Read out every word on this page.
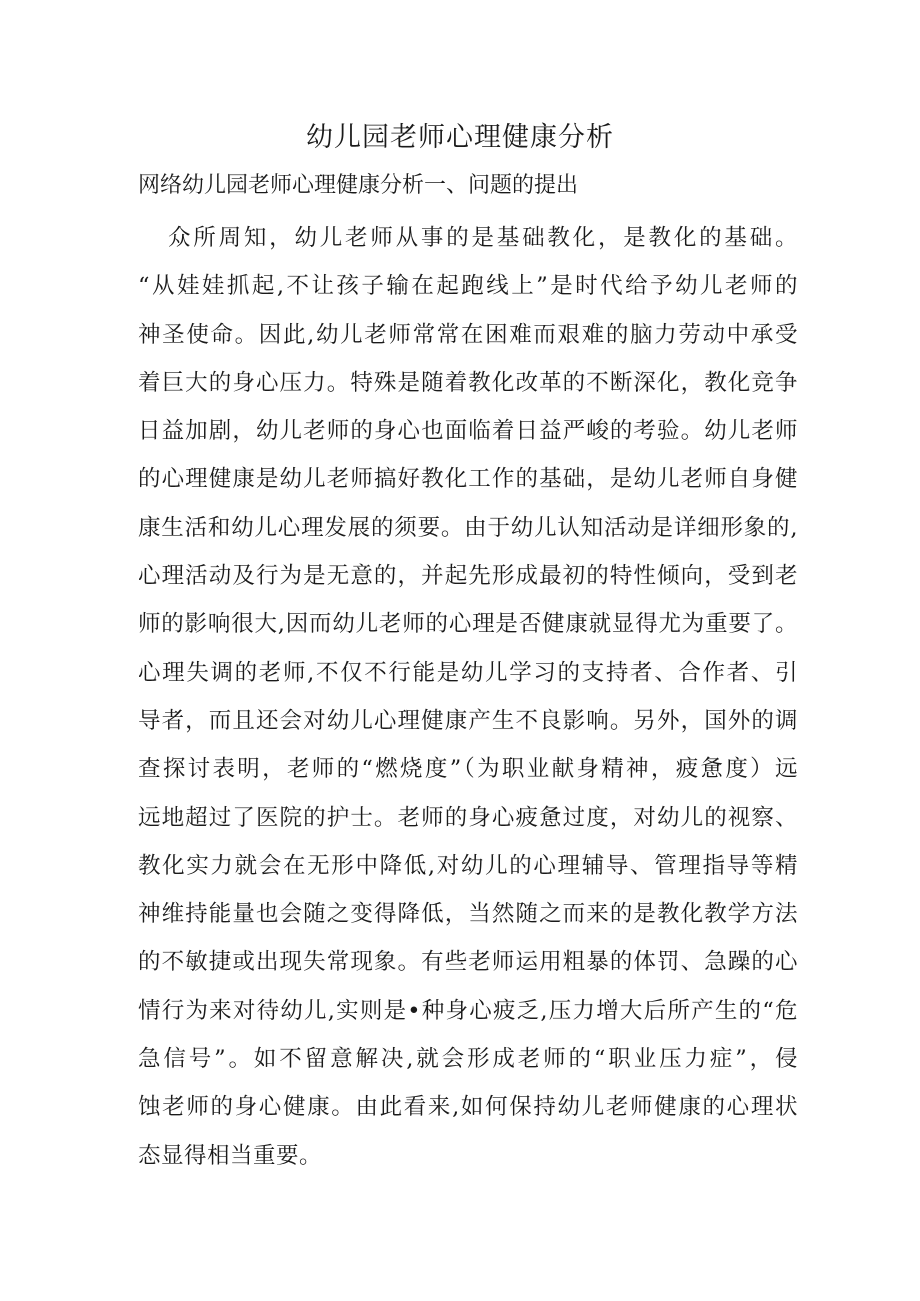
幼儿园老师心理健康分析
网络幼儿园老师心理健康分析一、问题的提出
众所周知，幼儿老师从事的是基础教化，是教化的基础。
“从娃娃抓起,不让孩子输在起跑线上”是时代给予幼儿老师的
神圣使命。因此,幼儿老师常常在困难而艰难的脑力劳动中承受
着巨大的身心压力。特殊是随着教化改革的不断深化，教化竞争
日益加剧，幼儿老师的身心也面临着日益严峻的考验。幼儿老师
的心理健康是幼儿老师搞好教化工作的基础，是幼儿老师自身健
康生活和幼儿心理发展的须要。由于幼儿认知活动是详细形象的,
心理活动及行为是无意的，并起先形成最初的特性倾向，受到老
师的影响很大,因而幼儿老师的心理是否健康就显得尤为重要了。
心理失调的老师,不仅不行能是幼儿学习的支持者、合作者、引
导者，而且还会对幼儿心理健康产生不良影响。另外，国外的调
查探讨表明，老师的“燃烧度”（为职业献身精神，疲惫度）远
远地超过了医院的护士。老师的身心疲惫过度，对幼儿的视察、
教化实力就会在无形中降低,对幼儿的心理辅导、管理指导等精
神维持能量也会随之变得降低，当然随之而来的是教化教学方法
的不敏捷或出现失常现象。有些老师运用粗暴的体罚、急躁的心
情行为来对待幼儿,实则是•种身心疲乏,压力增大后所产生的“危
急信号”。如不留意解决,就会形成老师的“职业压力症”，侵
蚀老师的身心健康。由此看来,如何保持幼儿老师健康的心理状
态显得相当重要。
